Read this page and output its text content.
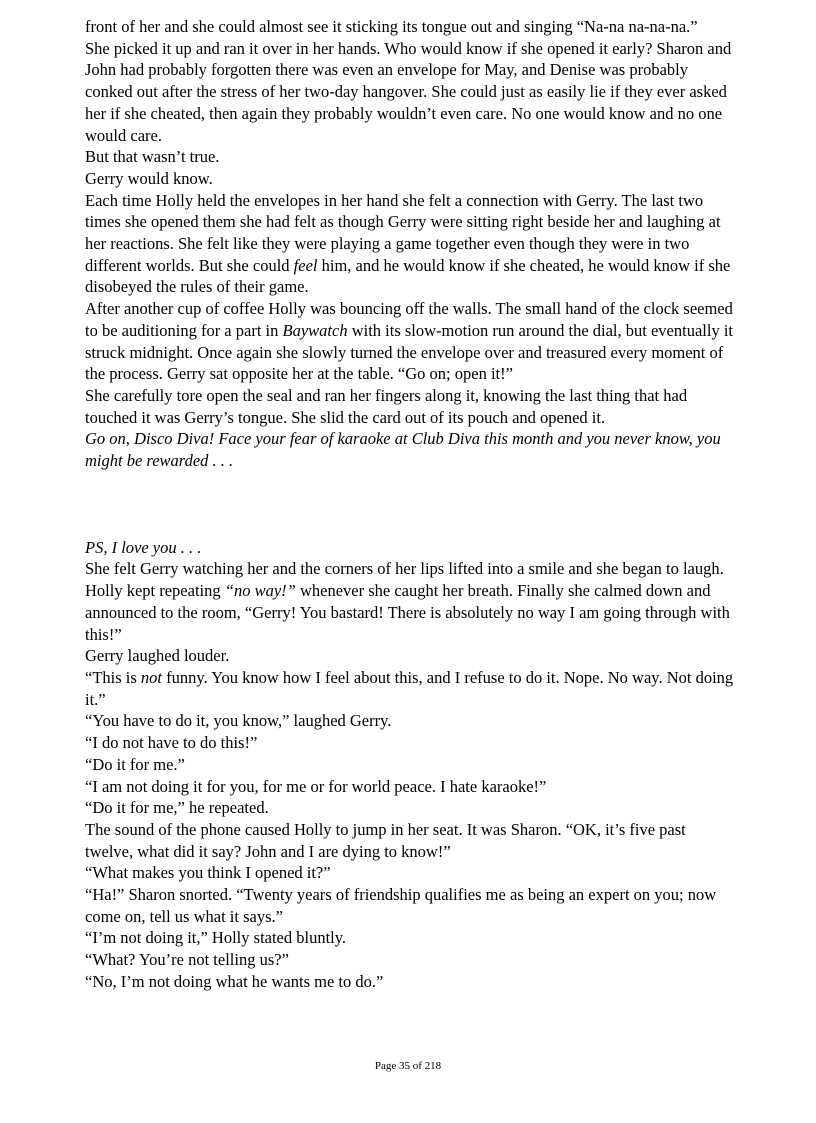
front of her and she could almost see it sticking its tongue out and singing “Na-na na-na-na.”

She picked it up and ran it over in her hands. Who would know if she opened it early? Sharon and John had probably forgotten there was even an envelope for May, and Denise was probably conked out after the stress of her two-day hangover. She could just as easily lie if they ever asked her if she cheated, then again they probably wouldn’t even care. No one would know and no one would care.

But that wasn’t true.

Gerry would know.

Each time Holly held the envelopes in her hand she felt a connection with Gerry. The last two times she opened them she had felt as though Gerry were sitting right beside her and laughing at her reactions. She felt like they were playing a game together even though they were in two different worlds. But she could feel him, and he would know if she cheated, he would know if she disobeyed the rules of their game.

After another cup of coffee Holly was bouncing off the walls. The small hand of the clock seemed to be auditioning for a part in Baywatch with its slow-motion run around the dial, but eventually it struck midnight. Once again she slowly turned the envelope over and treasured every moment of the process. Gerry sat opposite her at the table. “Go on; open it!”

She carefully tore open the seal and ran her fingers along it, knowing the last thing that had touched it was Gerry’s tongue. She slid the card out of its pouch and opened it.

Go on, Disco Diva! Face your fear of karaoke at Club Diva this month and you never know, you might be rewarded . . .

PS, I love you . . .

She felt Gerry watching her and the corners of her lips lifted into a smile and she began to laugh. Holly kept repeating “no way!” whenever she caught her breath. Finally she calmed down and announced to the room, “Gerry! You bastard! There is absolutely no way I am going through with this!”

Gerry laughed louder.

“This is not funny. You know how I feel about this, and I refuse to do it. Nope. No way. Not doing it.”

“You have to do it, you know,” laughed Gerry.

“I do not have to do this!”

“Do it for me.”

“I am not doing it for you, for me or for world peace. I hate karaoke!”

“Do it for me,” he repeated.

The sound of the phone caused Holly to jump in her seat. It was Sharon. “OK, it’s five past twelve, what did it say? John and I are dying to know!”

“What makes you think I opened it?”

“Ha!” Sharon snorted. “Twenty years of friendship qualifies me as being an expert on you; now come on, tell us what it says.”

“I’m not doing it,” Holly stated bluntly.

“What? You’re not telling us?”

“No, I’m not doing what he wants me to do.”

Page 35 of 218
